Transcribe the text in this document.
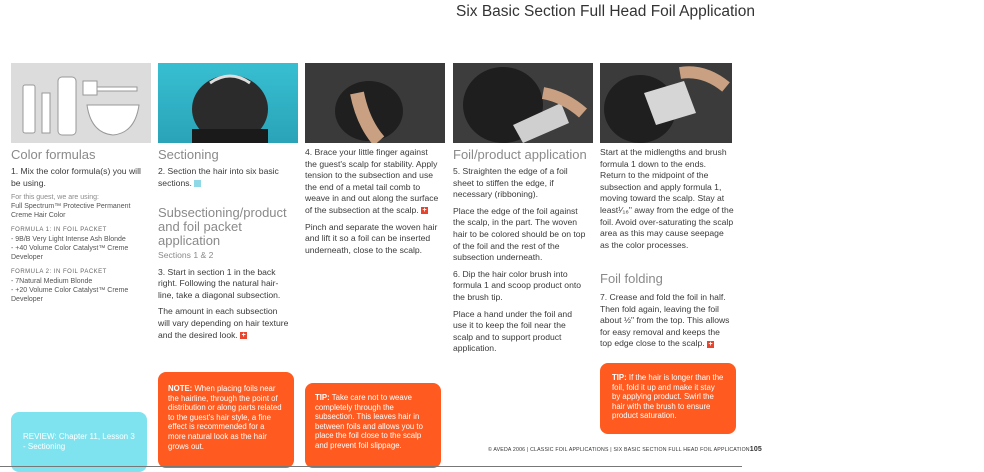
Six Basic Section Full Head Foil Application
Color formulas

1. Mix the color formula(s) you will be using.

For this guest, we are using:
Full Spectrum™ Protective Permanent Creme Hair Color
FORMULA 1: IN FOIL PACKET
- 9B/B Very Light Intense Ash Blonde
- +40 Volume Color Catalyst™ Creme Developer
FORMULA 2: IN FOIL PACKET
- 7Natural Medium Blonde
- +20 Volume Color Catalyst™ Creme Developer
REVIEW: Chapter 11, Lesson 3 - Sectioning
Sectioning

2. Section the hair into six basic sections.

Subsectioning/product and foil packet application

Sections 1 & 2

3. Start in section 1 in the back right. Following the natural hair-line, take a diagonal subsection.

The amount in each subsection will vary depending on hair texture and the desired look. +

NOTE: When placing foils near the hairline, through the point of distribution or along parts related to the guest's hair style, a fine effect is recommended for a more natural look as the hair grows out.

4. Brace your little finger against the guest's scalp for stability. Apply tension to the subsection and use the end of a metal tail comb to weave in and out along the surface of the subsection at the scalp. +

Pinch and separate the woven hair and lift it so a foil can be inserted underneath, close to the scalp.

TIP: Take care not to weave completely through the subsection. This leaves hair in between foils and allows you to place the foil close to the scalp and prevent foil slippage.
Foil/product application

5. Straighten the edge of a foil sheet to stiffen the edge, if necessary (ribboning).

Place the edge of the foil against the scalp, in the part. The woven hair to be colored should be on top of the foil and the rest of the subsection underneath.

6. Dip the hair color brush into formula 1 and scoop product onto the brush tip.

Place a hand under the foil and use it to keep the foil near the scalp and to support product application.

Start at the midlengths and brush formula 1 down to the ends. Return to the midpoint of the subsection and apply formula 1, moving toward the scalp. Stay at least¹⁄₁₆" away from the edge of the foil. Avoid over-saturating the scalp area as this may cause seepage as the color processes.

Foil folding

7. Crease and fold the foil in half. Then fold again, leaving the foil about ½" from the top. This allows for easy removal and keeps the top edge close to the scalp. +

TIP: If the hair is longer than the foil, fold it up and make it stay by applying product. Swirl the hair with the brush to ensure product saturation.
© AVEDA 2006 | CLASSIC FOIL APPLICATIONS | SIX BASIC SECTION FULL HEAD FOIL APPLICATION105
